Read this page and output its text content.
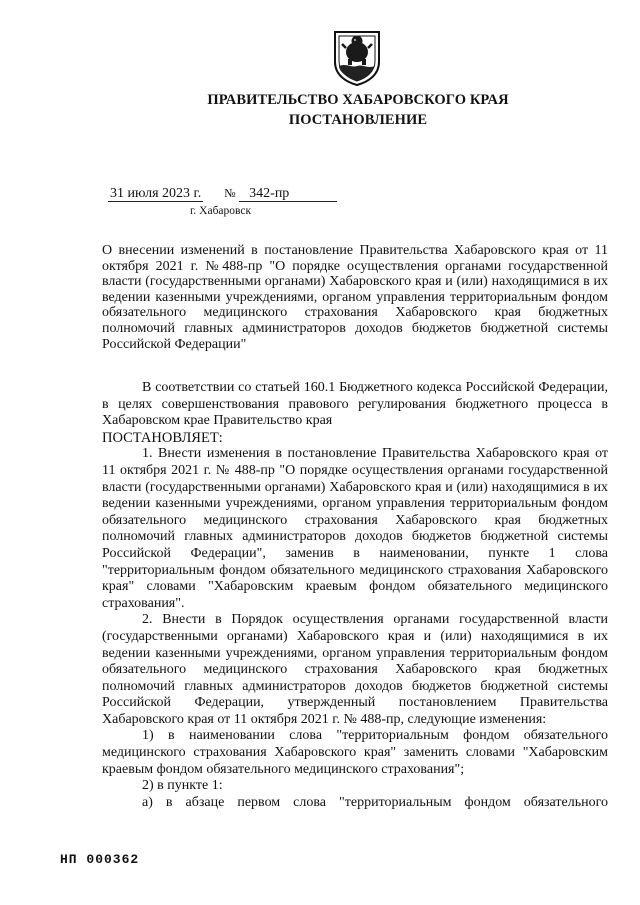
ПРАВИТЕЛЬСТВО ХАБАРОВСКОГО КРАЯ
ПОСТАНОВЛЕНИЕ
31 июля 2023 г. № 342-пр
г. Хабаровск
О внесении изменений в постановление Правительства Хабаровского края от 11 октября 2021 г. №488-пр "О порядке осуществления органами государственной власти (государственными органами) Хабаровского края и (или) находящимися в их ведении казенными учреждениями, органом управления территориальным фондом обязательного медицинского страхования Хабаровского края бюджетных полномочий главных администраторов доходов бюджетов бюджетной системы Российской Федерации"

В соответствии со статьей 160.1 Бюджетного кодекса Российской Федерации, в целях совершенствования правового регулирования бюджетного процесса в Хабаровском крае Правительство края

ПОСТАНОВЛЯЕТ:

1. Внести изменения в постановление Правительства Хабаровского края от 11 октября 2021 г. № 488-пр "О порядке осуществления органами государственной власти (государственными органами) Хабаровского края и (или) находящимися в их ведении казенными учреждениями, органом управления территориальным фондом обязательного медицинского страхования Хабаровского края бюджетных полномочий главных администраторов доходов бюджетов бюджетной системы Российской Федерации", заменив в наименовании, пункте 1 слова "территориальным фондом обязательного медицинского страхования Хабаровского края" словами "Хабаровским краевым фондом обязательного медицинского страхования".

2. Внести в Порядок осуществления органами государственной власти (государственными органами) Хабаровского края и (или) находящимися в их ведении казенными учреждениями, органом управления территориальным фондом обязательного медицинского страхования Хабаровского края бюджетных полномочий главных администраторов доходов бюджетов бюджетной системы Российской Федерации, утвержденный постановлением Правительства Хабаровского края от 11 октября 2021 г. № 488-пр, следующие изменения:

1) в наименовании слова "территориальным фондом обязательного медицинского страхования Хабаровского края" заменить словами "Хабаровским краевым фондом обязательного медицинского страхования";

2) в пункте 1:

а) в абзаце первом слова "территориальным фондом обязательного

НП 000362
